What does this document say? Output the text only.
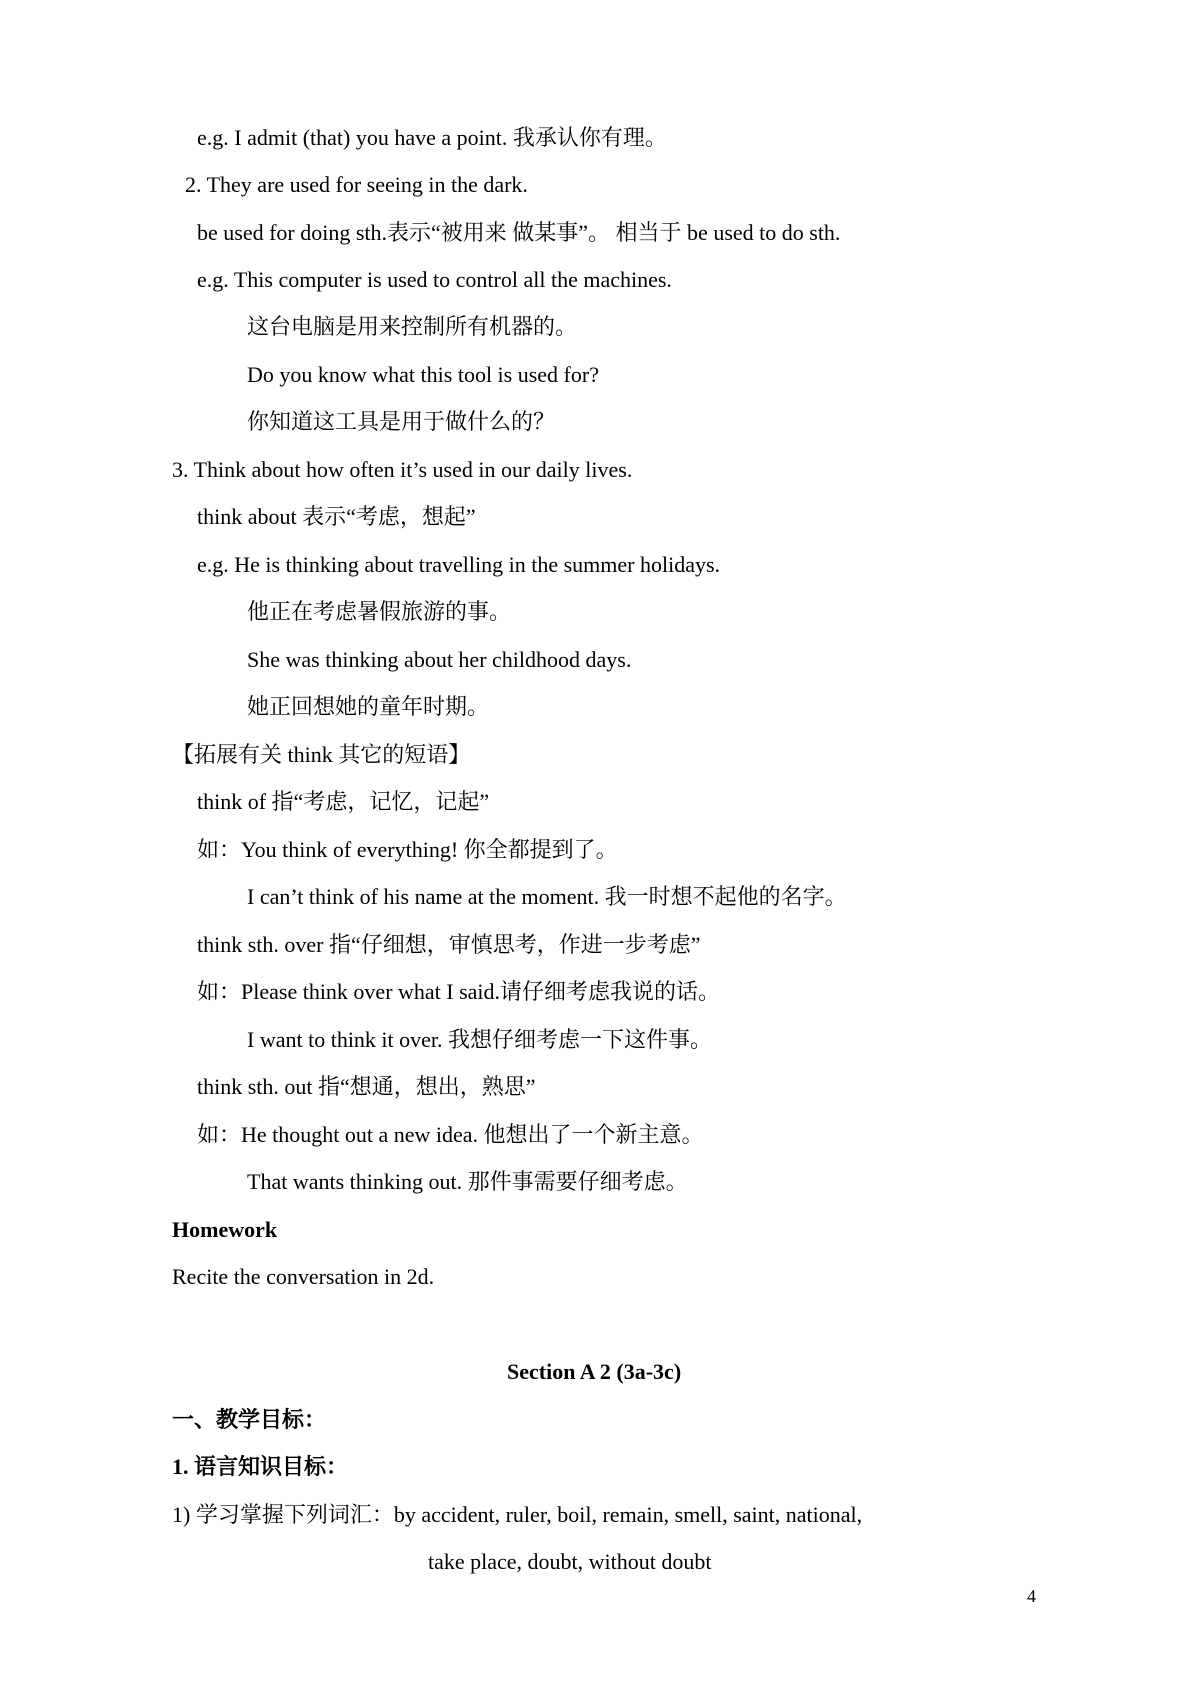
e.g. I admit (that) you have a point. 我承认你有理。
2. They are used for seeing in the dark.
be used for doing sth.表示“被用来 做某事”。 相当于 be used to do sth.
e.g. This computer is used to control all the machines.
这台电脑是用来控制所有机器的。
Do you know what this tool is used for?
你知道这工具是用于做什么的？
3. Think about how often it’s used in our daily lives.
think about 表示“考虑，想起”
e.g. He is thinking about travelling in the summer holidays.
他正在考虑暑假旅游的事。
She was thinking about her childhood days.
她正回想她的童年时期。
【拓展有关 think 其它的短语】
think of 指“考虑，记忆，记起”
如：You think of everything! 你全都提到了。
I can’t think of his name at the moment. 我一时想不起他的名字。
think sth. over 指“仔细想，审慎思考，作进一步考虑”
如：Please think over what I said.请仔细考虑我说的话。
I want to think it over. 我想仔细考虑一下这件事。
think sth. out 指“想通，想出，熟思”
如：He thought out a new idea. 他想出了一个新主意。
That wants thinking out. 那件事需要仔细考虑。
Homework
Recite the conversation in 2d.
Section A 2 (3a-3c)
一、教学目标：
1. 语言知识目标：
1) 学习掌握下列词汇：by accident, ruler, boil, remain, smell, saint, national,
take place, doubt, without doubt
4
